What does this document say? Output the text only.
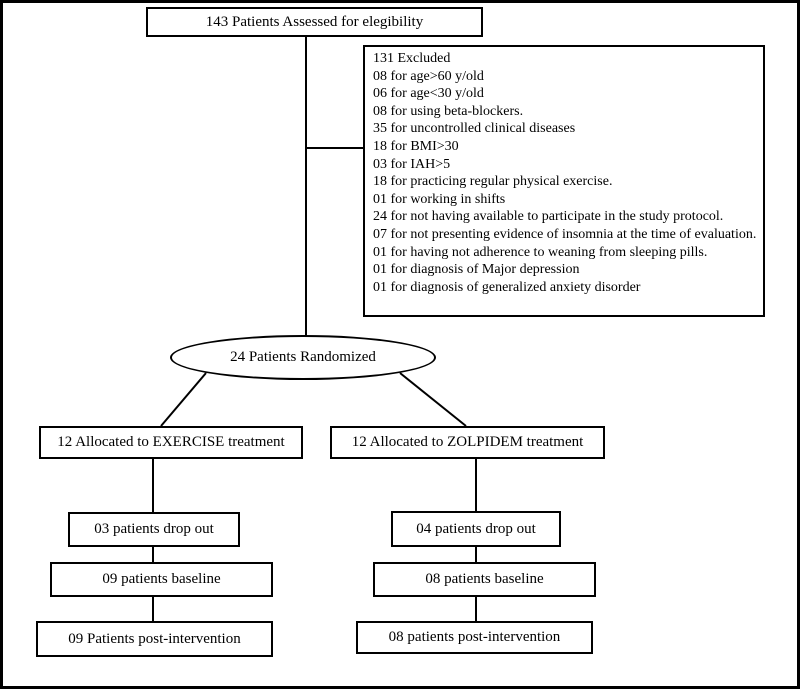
143 Patients Assessed for elegibility
131 Excluded
08 for age>60 y/old
06 for age<30 y/old
08 for using beta-blockers.
35 for uncontrolled clinical diseases
18 for BMI>30
03 for IAH>5
18 for practicing regular physical exercise.
01 for working in shifts
24 for not having available to participate in the study protocol.
07 for not presenting evidence of insomnia at the time of evaluation.
01 for having not adherence to weaning from sleeping pills.
01 for diagnosis of Major depression
01 for diagnosis of generalized anxiety disorder
24 Patients Randomized
12 Allocated to EXERCISE treatment
03 patients drop out
09 patients baseline
09 Patients post-intervention
12 Allocated to ZOLPIDEM treatment
04 patients drop out
08 patients baseline
08 patients post-intervention
